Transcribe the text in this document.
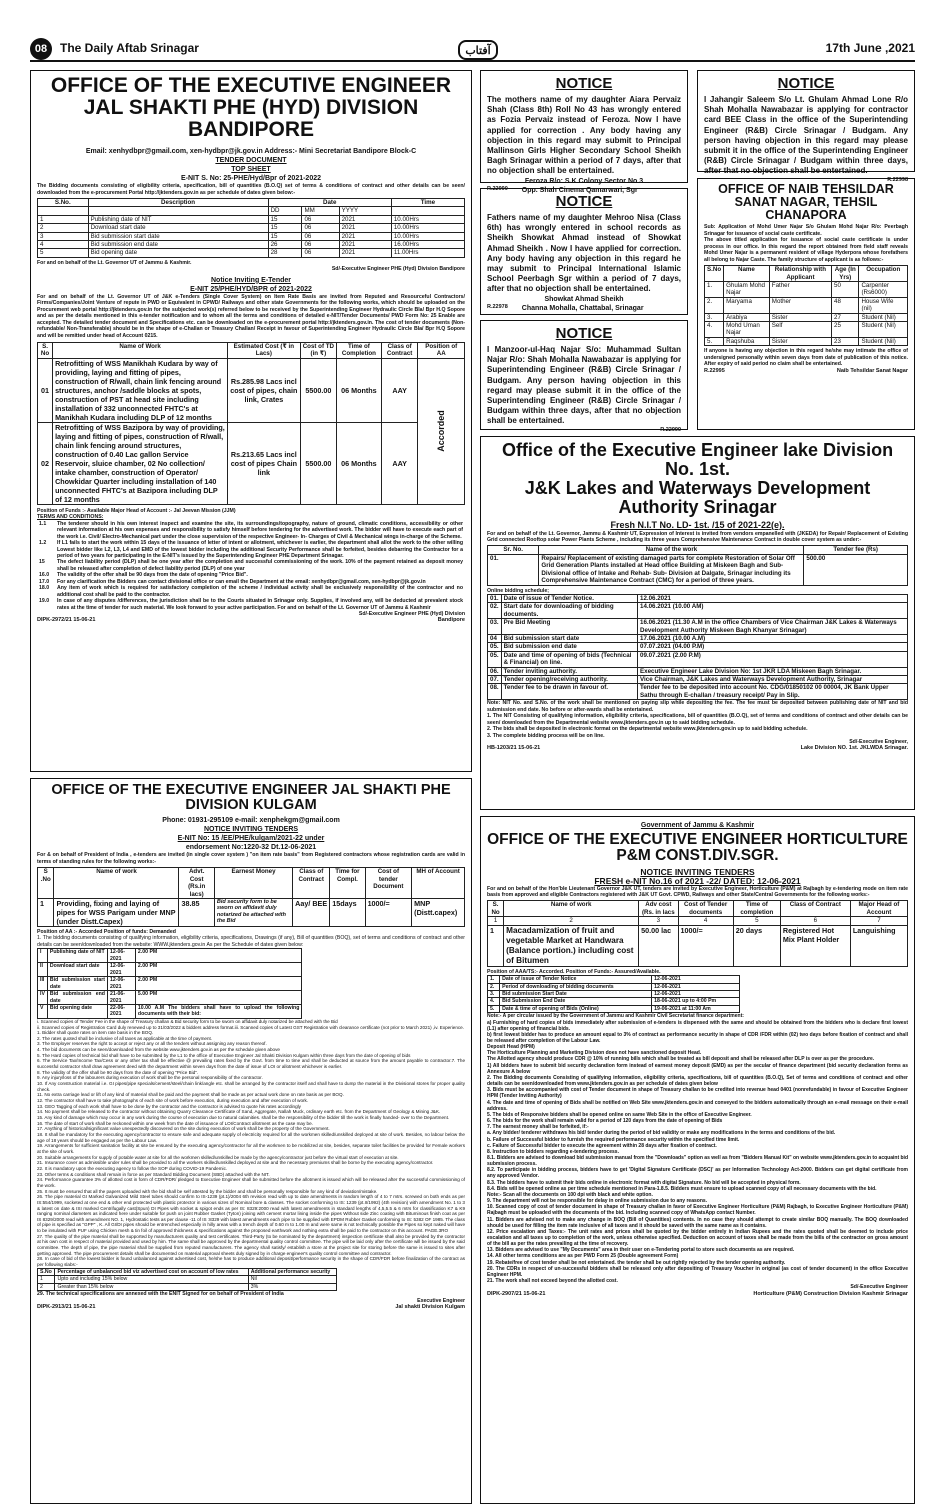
08	The Daily Aftab Srinagar	آفتاب	17th June ,2021
OFFICE OF THE EXECUTIVE ENGINEER
JAL SHAKTI PHE (HYD) DIVISION BANDIPORE
Email: xenhydbpr@gmail.com, xen-hydbpr@jk.gov.in Address:- Mini Secretariat Bandipore Block-C
TENDER DOCUMENT
TOP SHEET
E-NIT S. No: 25-PHE/Hyd/Bpr of 2021-2022
The Bidding documents consisting of eligibility criteria, specification, bill of quantities (B.O.Q) set of terms & conditions of contract and other details can be seen/ downloaded from the e-procurement Portal http://jktenders.gov.in as per schedule of dates given below:-
S.No.	Description	Date			Time
		DD	MM	YYYY	
1	Publishing date of NIT	15	06	2021	10.00Hrs
2	Download start date	15	06	2021	10.00Hrs
3	Bid submission start date	15	06	2021	10.00Hrs
4	Bid submission end date	26	06	2021	16.00Hrs
5	Bid opening date	28	06	2021	11.00Hrs
For and on behalf of the Lt. Governor UT of Jammu & Kashmir.
Sd/-Executive Engineer PHE (Hyd) Division Bandipore
Notice Inviting E-Tender
E-NIT 25/PHE/HYD/BPR of 2021-2022
For and on behalf of the Lt. Governor UT of J&K e-Tenders (Single Cover System) on Item Rate Basis are invited from Reputed and Resourceful Contractors/ Firms/Companies/Joint Venture of repute in PWD or Equivalent in CPWD/ Railways and other state Governments for the following works, which should be uploaded on the Procurement web portal http://jktenders.gov.in for the subjected work(s) referred below to be received by the Superintending Engineer Hydraulic Circle Bla/ Bpr H.Q Sopore and as per the details mentioned in this e-tender notification and to whom all the terms and conditions of detailed e-NIT/Tender Documents/ PWD Form No: 25 Enable are accepted. The detailed tender document and Specifications etc. can be downloaded on the e-procurement portal http://jktenders.gov.in. The cost of tender documents (Non-refundable/ Non-Transferable) should be in the shape of e-Challan or Treasury Challan/ Receipt in favour of Superintending Engineer Hydraulic Circle Bla/ Bpr H.Q Sopore and will be remitted under head of Account 0215.
S. No	Name of Work	Estimated Cost (₹ in Lacs)	Cost of TD (in ₹)	Time of Completion	Class of Contract	Position of AA
01	Retrofitting of WSS Manikhah Kudara by way of providing, laying and fitting of pipes, construction of R/wall, chain link fencing around structures, anchor /saddle blocks at spots, construction of PST at head site including installation of 332 unconnected FHTC's at Manikhah Kudara including DLP of 12 months	Rs.285.98 Lacs incl cost of pipes, chain link, Crates	5500.00	06 Months	AAY	Accorded

02	Retrofitting of WSS Bazipora by way of providing, laying and fitting of pipes, construction of R/wall, chain link fencing around structures, construction of 0.40 Lac gallon Service Reservoir, sluice chamber, 02 No collection/ intake chamber, construction of Operator/ Chowkidar Quarter including installation of 140 unconnected FHTC's at Bazipora including DLP of 12 months	Rs.213.65 Lacs incl cost of pipes Chain link	5500.00	06 Months	AAY	
Position of Funds :- Available Major Head of Account :- Jal Jeevan Mission (JJM)
TERMS AND CONDITIONS:
1.1	The tenderer should in his own interest inspect and examine the site, its surroundings/topography, nature of ground, climatic conditions, accessibility or other relevant information at his own expenses and responsibility to satisfy himself before tendering for the advertised work. The bidder will have to execute each part of the work i.e. Civil/ Electro-Mechanical part under the close supervision of the respective Engineer- In- Charges of Civil & Mechanical wings in-charge of the Scheme.
1.2	If L1 fails to start the work within 15 days of the issuance of letter of intent or allotment, whichever is earlier, the department shall allot the work to the other willing Lowest bidder like L2, L3, L4 and EMD of the lowest bidder including the additional Security Performance shall be forfeited, besides debarring the Contractor for a period of two years for participating in the E-NIT's issued by the Superintending Engineer PHE Department Srinagar.
15	The defect liability period (DLP) shall be one year after the completion and successful commissioning of the work. 10% of the payment retained as deposit money shall be released after completion of defect liability period (DLP) of one year
16.0	The validity of the offer shall be 90 days from the date of opening "Price Bid".
17.0	For any clarification the Bidders can contact divisional office or can email the Department at the email: xenhydbpr@gmail.com, xen-hydbpr@jk.gov.in
18.0	Any item of work which is required for satisfactory completion of the scheme / individual activity shall be exclusively responsibility of the contractor and no additional cost shall be paid to the contractor.
19.0	In case of any disputes /differences, the jurisdiction shall be to the Courts situated in Srinagar only. Supplies, if involved any, will be deducted at prevalent stock rates at the time of tender for such material. We look forward to your active participation. For and on behalf of the Lt. Governor UT of Jammu & Kashmir
Sd/-Executive Engineer PHE (Hyd) Division
DIPK-2972/21 15-06-21	Bandipore
NOTICE
The mothers name of my daughter Aiara Pervaiz Shah (Class 8th) Roll No 43 has wrongly entered as Fozia Pervaiz instead of Feroza. Now I have applied for correction . Any body having any objection in this regard may submit to Principal Mallinson Girls Higher Secondary School Sheikh Bagh Srinagar within a period of 7 days, after that no objection shall be entertained.
Feroza R/o: S.K Colony Sector No 3
R.22990 Opp. Shah Cinema Qamarwari, Sgr
NOTICE
Fathers name of my daughter Mehroo Nisa (Class 6th) has wrongly entered in school records as Sheikh Showkat Ahmad instead of Showkat Ahmad Sheikh . Now I have applied for correction. Any body having any objection in this regard he may submit to Principal International Islamic School Peerbagh Sgr within a period of 7 days, after that no objection shall be entertained.
Showkat Ahmad Sheikh
R.22978 Channa Mohalla, Chattabal, Srinagar
NOTICE
I Manzoor-ul-Haq Najar S/o: Muhammad Sultan Najar R/o: Shah Mohalla Nawabazar is applying for Superintending Engineer (R&B) Circle Srinagar / Budgam. Any person having objection in this regard may please submit it in the office of the Superintending Engineer (R&B) Circle Srinagar / Budgam within three days, after that no objection shall be entertained.
R.22999
NOTICE
I Jahangir Saleem S/o Lt. Ghulam Ahmad Lone R/o Shah Mohalla Nawabazar is applying for contractor card BEE Class in the office of the Superintending Engineer (R&B) Circle Srinagar / Budgam. Any person having objection in this regard may please submit it in the office of the Superintending Engineer (R&B) Circle Srinagar / Budgam within three days, after that no objection shall be entertained.
R.22998
OFFICE OF NAIB TEHSILDAR
SANAT NAGAR, TEHSIL CHANAPORA
Sub: Application of Mohd Umer Najar S/o Ghulam Mohd Najar R/o: Peerbagh Srinagar for issuance of social caste certificate.
The above titled application for issuance of social caste certificate is under process in our office. In this regard the report obtained from field staff reveals Mohd Umer Najar is a permanent resident of village Hyderpora whose forefathers all belong to Najar Caste. The family structure of applicant is as follows:-
S.No	Name	Relationship with Applicant	Age (In Yrs)	Occupation
1.	Ghulam Mohd Najar	Father	50	Carpenter (Rs6000)
2.	Maryama	Mother	48	House Wife (nil)
3.	Arabiya	Sister	27	Student (Nil)
4.	Mohd Uman Najar	Self	25	Student (Nil)
5.	Raqshuba	Sister	23	Student (Nil)
If anyone is having any objection in this regard he/she may intimate the office of undersigned personally within seven days from date of publication of this notice. After expiry of said period no claim shall be entertained.
R.22995	Naib Tehsildar Sanat Nagar
Office of the Executive Engineer lake Division No. 1st.
J&K Lakes and Waterways Development Authority Srinagar
Fresh N.I.T No. LD- 1st. /15 of 2021-22(e).
For and on behalf of the Lt. Governor, Jammu & Kashmir UT, Expression of Interest is invited from vendors empanelled with (JKEDA) for Repair/ Replacement of Existing Grid connected Rooftop solar Power Plants Scheme , including its three years Comprehensive Maintenance Contract in double cover system as under:-
Sr. No.	Name of the work	Tender fee (Rs)
01.	Repairs/ Replacement of existing damaged parts for complete Restoration of Solar Off Grid Generation Plants installed at Head office Building at Miskeen Bagh and Sub- Divisional office of Intake and Rehab- Sub- Division at Dalgate, Srinagar including its Comprehensive Maintenance Contract (CMC) for a period of three years.	500.00
Online bidding schedule;
01.	Date of issue of Tender Notice.	12.06.2021
02.	Start date for downloading of bidding documents.	14.06.2021 (10.00 AM)
03.	Pre Bid Meeting	16.06.2021 (11.30 A.M in the office Chambers of Vice Chairman J&K Lakes & Waterways Development Authority Miskeen Bagh Khanyar Srinagar)
04	Bid submission start date	17.06.2021 (10.00 A.M)
05.	Bid submission end date	07.07.2021 (04.00 P.M)
05.	Date and time of opening of bids (Technical & Financial) on line.	09.07.2021 (2.00 P.M)
06.	Tender inviting authority.	Executive Engineer Lake Division No: 1st JKR LDA Miskeen Bagh Srinagar.
07.	Tender opening/receiving authority.	Vice Chairman, J&K Lakes and Waterways Development Authority, Srinagar
08.	Tender fee to be drawn in favour of.	Tender fee to be deposited into account No. CDG/01850102 00 00004, JK Bank Upper Sathu through E-challan / treasury receipt/ Pay in Slip.
Note: NIT No. and S.No. of the work shall be mentioned on paying slip while depositing the fee. The fee must be deposited between publishing date of NIT and bid submission end date. No before or after-wards shall be entertained.
1. The NIT Consisting of qualifying information, eligibility criteria, specifications, bill of quantities (B.O.Q), set of terms and conditions of contract and other details can be seen/ downloaded from the Departmental website www.jktenders.gov.in up to said bidding schedule.
2. The bids shall be deposited in electronic format on the departmental website www.jktenders.gov.in up to said bidding schedule.
3. The complete bidding process will be on line.
Sd/-Executive Engineer,
HB-1203/21 15-06-21	Lake Division NO. 1st. JKLWDA Srinagar.
OFFICE OF THE EXECUTIVE ENGINEER JAL SHAKTI PHE DIVISION KULGAM
Phone: 01931-295109 e-mail: xenphekgm@gmail.com
NOTICE INVITING TENDERS
E-NIT No: 15 /EE/PHE/kulgam/2021-22 under
endorsement No:1220-32 Dt.12-06-2021
For & on behalf of President of India , e-tenders are invited (in single cover system ) "on item rate basis" from Registered contractors whose registration cards are valid in terms of standing rules for the following works:-
S .No	Name of work	Advt. Cost (Rs.in lacs)	Earnest Money	Class of Contract	Time for Compl.	Cost of tender Document	MH of Account
1	Providing, fixing and laying of pipes for WSS Parigam under MNP (under Distt.Capex)	38.85	Bid security form to be sworn on affidavit duly notarized be attached with the Bid	Aay/ BEE	15days	1000/=	MNP (Distt.capex)
Position of AA :- Accorded Position of funds: Demanded
1. The bidding documents consisting of qualifying information, eligibility criteria, specifications, Drawings (if any), Bill of quantities (BOQ), set of terms and conditions of contract and other details can be seen/downloaded from the website: WWW.jktenders.gov.in As per the Schedule of dates given below:
I	Publishing date of NIT	12-06-2021	2.00 PM
II	Download start date	12-06-2021	2.00 PM
III	Bid submission start date	12-06-2021	2.00 PM
IV	Bid submission end date	21-06-2021	5.00 PM
V	Bid opening date	22-06-2021	10.00 A.M The bidders shall have to upload the following documents with their bid:
i. Scanned copies of Tender Fee in the shape of Treasury challan & Bid security form to be sworn on affidavit duly notarized be attached with the Bid
ii. Scanned copies of Registration Card duly renewed up to 31/03/2022 & bidders address format.iii. Scanned copies of Latest GST Registration with clearance certificate (not prior to March 2021) ,iv. Experience.
1. Bidder shall quote rates on item rate basis in the BOQ.
2. The rates quoted shall be inclusive of all taxes as applicable at the time of payment.
3. The Employer reserves the right to accept or reject any or all the tenders without assigning any reason thereof.
4. The bid documents can be seen/downloaded from the website www.jktenders.gov.in as per the schedule given above
5. The Hard copies of technical bid shall have to be submitted by the L1 to the office of Executive Engineer Jal Shakti Division Kulgam within three days from the date of opening of bids
6. The Service Tax/Income Tax/Cess or any other tax shall be effective @ prevailing rates fixed by the Govt. from time to time and shall be deducted at source from the amount payable to contractor.7. The successful contractor shall draw agreement deed with the department within seven days from the date of issue of LOI or allotment whichever is earlier.
8. The validity of the offer shall be 90 days from the date of opening "Price Bid".
9. Any injury/loss of the labourers during execution of work shall be the personal responsibility of the contractor.
10. If Any construction material i.e. GI pipes/pipe specials/cement/steel/chain link/angle etc. shall be arranged by the contractor itself and shall have to dump the material in the Divisional stores for proper quality check.
11. No extra carriage lead or lift of any kind of material shall be paid and the payment shall be made as per actual work done on rate basis as per BOQ.
12. The contractor shall have to take photographs of each site of work before execution, during execution and after execution of work.
13. GEO Tagging of each work shall have to be done by the contractor and the contractor is advised to quote his rates accordingly
14. No payment shall be released to the contractor without obtaining Quarry Clearance Certificate of Sand, Aggregate, Nallah Muck, ordinary earth etc. from the Department of Geology & Mining J&K.
15. Any kind of damage which may occur in any work during the course of execution due to natural calamities. shall be the responsibility of the bidder till the work is finally handed- over to the Department.
16. The date of start of work shall be reckoned within one week from the date of issuance of LOI/Contract allotment as the case may be.
17. Anything of historical/significant value unexpectedly discovered on the site during execution of work shall be the property of the Government.
18. It shall be mandatory for the executing agency/contractor to ensure safe and adequate supply of electricity required for all the workmen skilled/unskilled deployed at site of work. Besides, no labour below the age of 18 years should be engaged as per the Labour Law.
19. Arrangements for sufficient sanitation facility at site be ensured by the executing agency/contractor for all the workmen to be mobilized at site, besides, separate toilet facilities be provided for Female workers at the site of work.
20. Suitable arrangements for supply of potable water at site for all the workmen skilled/unskilled be made by the agency/contractor just before the virtual start of execution at site.
21. Insurance cover as admissible under rules shall be provided to all the workers skilled/unskilled deployed at site and the necessary premiums shall be borne by the executing agency/contractor.
22. It is mandatory upon the executing agency to follow the SOP during COVID-19 Pandemic.
23. Other terms & conditions shall remain in force as per Standard Bidding Document (SBD) attached with the NIT.
24. Performance guarantee 3% of allotted cost in form of CDR/FDR/ pledged to Executive Engineer shall be submitted before the allotment is issued which will be released after the successful commissioning of the work.
25. It must be ensured that all the papers uploaded with the bid shall be self attested by the bidder and shall be personally responsible for any kind of deviation/mistake.
26. The pipe material GI Marked Galvanized Mild Steel tubes should confirm to IS-1239 (pt.1)/2004 6th revision read with up to date amendments in random length of 4 to 7 mtrs. screwed on both ends as per IS:554/1999, socketed at one end & other end protected with plastic protector in various sizes of Nominal bore & classes. The socket conforming to IS: 1239 (pt.II/1992) (4th revision) with amendment No. 1 to 3 & latest on date & ISI marked Centrifugally cast(Spun) DI Pipes with socket & spigot ends as per IS: 8329:2000 read with latest amendments in standard lengths of 4,5,5.5 & 6 mtrs for classification K7 & K9 ranging nominal diameters as indicated here under suitable for push on joint Rubber Gasket (Tyton) joining with cement mortar lining inside the pipes Without side Zinc coating with Bituminous finish coat as per IS 8329/2000 read with amendment NO. 1, Hydrostatic tests as per clause -11 of IS :8329 with latest amendments each pipe to be supplied with EPDM Rubber Gasket conforming to IS: 5382 OF 1985. The class of pipe is specified as "GPP" , K. All GI/DI pipes should be entrenched especially in hilly areas with a trench depth of 0.60 m to 1.00 m and were same is not technically possible the Pipes so kept naked will have to be insulated with PUF using Chicken mesh & tin foil of approved thickness & specifications against the proposed earthwork and nothing extra shall be paid to the contractor on this account. PAGE.3RO
27. The quality of the pipe material shall be supported by manufacturers quality and test certificates. Third-Party (to be nominated by the department) inspection certificate shall also be provided by the contractor at his own cost in respect of material provided and used by him. The same shall be approved by the departmental quality control committee. The pipe will be laid only after the certificate will be issued by the said committee. The depth of pipe, the pipe material shall be supplied from reputed manufacturers. The agency shall satisfy/ establish a store at the project site for storing before the same is issued to sites after getting approved. The pipe procurement details shall be documented on material approval sheets duly signed by in charge engineer's quality control committee and contractor.
28. In case of bid of the lowest bidder is found unbalanced against advertised cost, he/she has to produce additional deposit/performance security in the shape of CDR/FDR before finalization of the contract as per following slabs:-
S.No	Percentage of unbalanced bid viz advertised cost on account of low rates	Additional performance security
1	Upto and including 15% below	Nil
2	Greater than 15% below	3%
29. The technical specifications are annexed with the ENIT Signed for on behalf of President of India
Executive Engineer
DIPK-2913/21 15-06-21	Jal shakti Division Kulgam
Government of Jammu & Kashmir
OFFICE OF THE EXECUTIVE ENGINEER HORTICULTURE P&M CONST.DIV.SGR.
NOTICE INVITING TENDERS
FRESH e-NIT No.16 of 2021 -22/ DATED: 12-06-2021
For and on behalf of the Hon'ble Lieutenant Governor J&K UT, tenders are invited by Executive Engineer, Horticulture (P&M) at Rajbagh by e-tendering mode on item rate basis from approved and eligible Contractors registered with J&K UT Govt. CPWD, Railways and other State/Central Governments for the following works:-
S. No	Name of work	Adv cost (Rs. in lacs	Cost of Tender documents	Time of completion	Class of Contract	Major Head of Account
1	2	3	4	5	6	7
1	Macadamization of fruit and vegetable Market at Handwara (Balance portion.) including cost of Bitumen	50.00 lac	1000/=	20 days	Registered Hot Mix Plant Holder	Languishing
Position of AAA/TS:- Accorded. Position of Funds:- Assured/Available.
1.	Date of issue of Tender Notice	12-06-2021
2.	Period of downloading of bidding documents	12-06-2021
3.	Bid submission Start Date	12-06-2021
4.	Bid Submission End Date	18-06-2021 up to 4:00 Pm
5.	Date & time of opening of Bids (Online)	19-06-2021 at 11:00 Am
Note:- A per circular issued by the Government of Jammu and Kashmir Civil Secretariat finance department:
a) Furnishing of hard copies of bids immediately after submission of e-tenders is dispensed with the same and should be obtained from the bidders who is declare first lowest (L1) after opening of financial bids.
b) first lowest bidder has to produce an amount equal to 3% of contract as performance security in shape of CDR /FDR within (02) two days before fixation of contract and shall be released after completion of the Labour Law.
Deposit Head (HPM)
The Horticulture Planning and Marketing Division does not have sanctioned deposit Head.
The Allotted agency should produce CDR @ 10% of running bills which shall be treated as bill deposit and shall be released after DLP is over as per the procedure.
1) All bidders have to submit bid security declaration form instead of earnest money deposit (EMD) as per the secular of finance department (bid security declaration forms as Annexure A below
2. The Bidding documents Consisting of qualifying information, eligibility criteria, specifications, bill of quantities (B.O.Q), Set of terms and conditions of contract and other details can be seen/downloaded from www.jktenders.gov.in as per schedule of dates given below
3. Bids must be accompanied with cost of Tender document in shape of Treasury challan to be credited into revenue head 0401 (nonrefundable) in favour of Executive Engineer HPM (Tender Inviting Authority)
4. The date and time of opening of Bids shall be notified on Web Site www.jktenders.gov.in and conveyed to the bidders automatically through an e-mail message on their e-mail address.
5. The bids of Responsive bidders shall be opened online on same Web Site in the office of Executive Engineer.
6. The bids for the work shall remain valid for a period of 120 days from the date of opening of Bids
7. The earnest money shall be forfeited, if:-
a. Any bidder/ tenderer withdraws his bid/ tender during the period of bid validity or make any modifications in the terms and conditions of the bid.
b. Failure of Successful bidder to furnish the required performance security within the specified time limit.
c. Failure of Successful bidder to execute the agreement within 28 days after fixation of contract.
8. Instruction to bidders regarding e-tendering process.
8.1. Bidders are advised to download bid submission manual from the "Downloads" option as well as from "Bidders Manual Kit" on website www.jktenders.gov.in to acquaint bid submission process.
8.2. To participate in bidding process, bidders have to get 'Digital Signature Certificate (DSC)' as per Information Technology Act-2000. Bidders can get digital certificate from any approved Vendor.
8.3. The bidders have to submit their bids online in electronic format with digital Signature. No bid will be accepted in physical form.
8.4. Bids will be opened online as per time schedule mentioned in Para-1.8.5. Bidders must ensure to upload scanned copy of all necessary documents with the bid.
Note:- Scan all the documents on 100 dpi with black and white option.
9. The department will not be responsible for delay in online submission due to any reasons.
10. Scanned copy of cost of tender document in shape of Treasury challan in favor of Executive Engineer Horticulture (P&M) Rajbagh, to Executive Engineer Horticulture (P&M) Rajbagh must be uploaded with the documents of the bid. Including scanned copy of WhatsApp contact Number.
11. Bidders are advised not to make any change in BOQ (Bill of Quantities) contents. In no case they should attempt to create similar BOQ manually. The BOQ downloaded should be used for filling the item rate inclusive of all taxes and it should be saved with the same name as it contains.
12. Price escalation and Taxes:- The unit rates and prices shall be quoted by the bidder entirely in Indian Rupees and the rates quoted shall be deemed to include price escalation and all taxes up to completion of the work, unless otherwise specified. Deduction on account of taxes shall be made from the bills of the contractor on gross amount of the bill as per the rates prevailing at the time of recovery.
13. Bidders are advised to use "My Documents" area in their user on e-Tendering portal to store such documents as are required.
14. All other terms conditions are as per PWD Form 25 (Double agreement Form)
19. Rebate/free of cost tender shall be not entertained. the tender shall be out rightly rejected by the tender opening authority.
20. The CDRs in respect of un-successful bidders shall be released only after depositing of Treasury Voucher in original (as cost of tender document) in the office Executive Engineer HPM.
21. The work shall not exceed beyond the allotted cost.
Sd/-Executive Engineer
DIPK-2907/21 15-06-21	Horticulture (P&M) Construction Division Kashmir Srinagar
